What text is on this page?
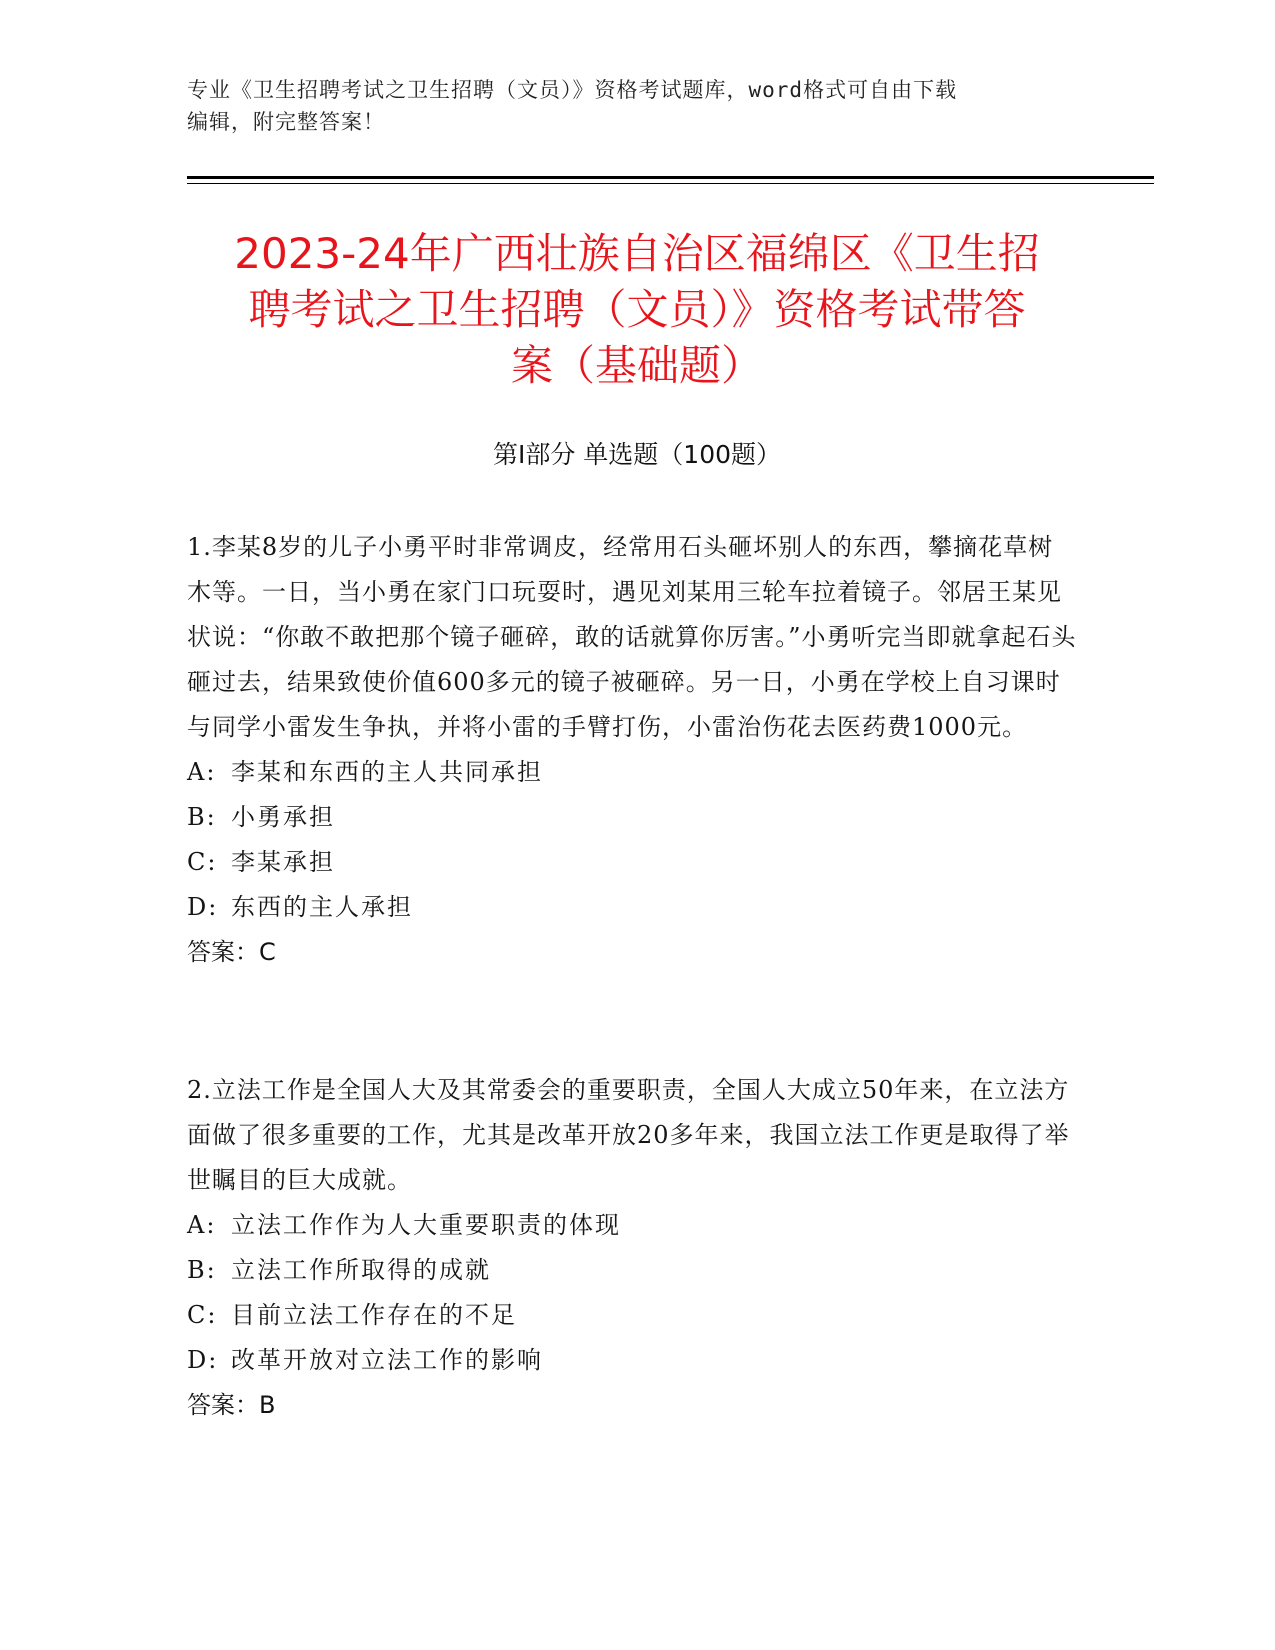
专业《卫生招聘考试之卫生招聘（文员）》资格考试题库，word格式可自由下载
编辑，附完整答案！
2023-24年广西壮族自治区福绵区《卫生招
聘考试之卫生招聘（文员）》资格考试带答
案（基础题）
第Ⅰ部分 单选题（100题）

1.李某8岁的儿子小勇平时非常调皮，经常用石头砸坏别人的东西，攀摘花草树木等。一日，当小勇在家门口玩耍时，遇见刘某用三轮车拉着镜子。邻居王某见状说：“你敢不敢把那个镜子砸碎，敢的话就算你厉害。”小勇听完当即就拿起石头砸过去，结果致使价值600多元的镜子被砸碎。另一日，小勇在学校上自习课时与同学小雷发生争执，并将小雷的手臂打伤，小雷治伤花去医药费1000元。

A: 李某和东西的主人共同承担
B: 小勇承担
C: 李某承担
D: 东西的主人承担
答案：C

2.立法工作是全国人大及其常委会的重要职责，全国人大成立50年来，在立法方面做了很多重要的工作，尤其是改革开放20多年来，我国立法工作更是取得了举世瞩目的巨大成就。

A: 立法工作作为人大重要职责的体现
B: 立法工作所取得的成就
C: 目前立法工作存在的不足
D: 改革开放对立法工作的影响
答案：B
